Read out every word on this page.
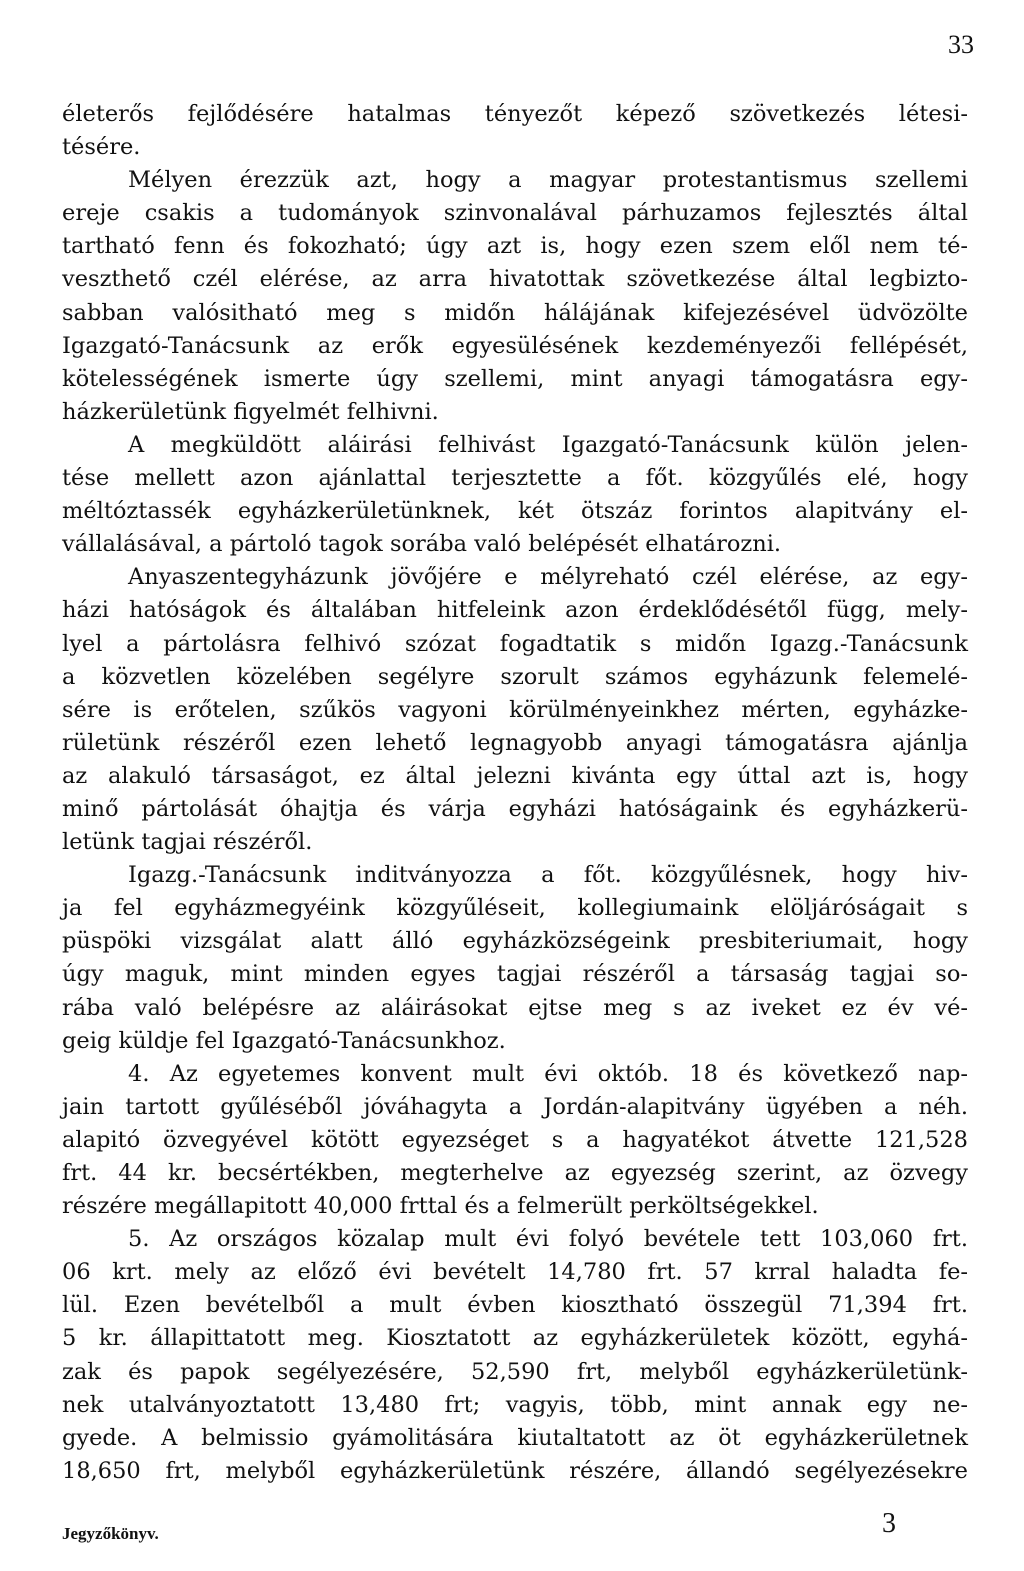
33
életerős fejlődésére hatalmas tényezőt képező szövetkezés létesi-
tésére.
Mélyen érezzük azt, hogy a magyar protestantismus szellemi
ereje csakis a tudományok szinvonalával párhuzamos fejlesztés által
tartható fenn és fokozható; úgy azt is, hogy ezen szem elől nem té-
veszthető czél elérése, az arra hivatottak szövetkezése által legbizto-
sabban valósitható meg s midőn hálájának kifejezésével üdvözölte
Igazgató-Tanácsunk az erők egyesülésének kezdeményezői fellépését,
kötelességének ismerte úgy szellemi, mint anyagi támogatásra egy-
házkerületünk figyelmét felhivni.
A megküldött aláirási felhivást Igazgató-Tanácsunk külön jelen-
tése mellett azon ajánlattal terjesztette a főt. közgyűlés elé, hogy
méltóztassék egyházkerületünknek, két ötszáz forintos alapitvány el-
vállalásával, a pártoló tagok sorába való belépését elhatározni.
Anyaszentegyházunk jövőjére e mélyreható czél elérése, az egy-
házi hatóságok és általában hitfeleink azon érdeklődésétől függ, mely-
lyel a pártolásra felhivó szózat fogadtatik s midőn Igazg.-Tanácsunk
a közvetlen közelében segélyre szorult számos egyházunk felemelé-
sére is erőtelen, szűkös vagyoni körülményeinkhez mérten, egyházke-
rületünk részéről ezen lehető legnagyobb anyagi támogatásra ajánlja
az alakuló társaságot, ez által jelezni kivánta egy úttal azt is, hogy
minő pártolását óhajtja és várja egyházi hatóságaink és egyházkerü-
letünk tagjai részéről.
Igazg.-Tanácsunk inditványozza a főt. közgyűlésnek, hogy hiv-
ja fel egyházmegyéink közgyűléseit, kollegiumaink elöljáróságait s
püspöki vizsgálat alatt álló egyházközségeink presbiteriumait, hogy
úgy maguk, mint minden egyes tagjai részéről a társaság tagjai so-
rába való belépésre az aláirásokat ejtse meg s az iveket ez év vé-
geig küldje fel Igazgató-Tanácsunkhoz.
4. Az egyetemes konvent mult évi októb. 18 és következő nap-
jain tartott gyűléséből jóváhagyta a Jordán-alapitvány ügyében a néh.
alapitó özvegyével kötött egyezséget s a hagyatékot átvette 121,528
frt. 44 kr. becsértékben, megterhelve az egyezség szerint, az özvegy
részére megállapitott 40,000 frttal és a felmerült perköltségekkel.
5. Az országos közalap mult évi folyó bevétele tett 103,060 frt.
06 krt. mely az előző évi bevételt 14,780 frt. 57 krral haladta fe-
lül. Ezen bevételből a mult évben kiosztható összegül 71,394 frt.
5 kr. állapittatott meg. Kiosztatott az egyházkerületek között, egyhá-
zak és papok segélyezésére, 52,590 frt, melyből egyházkerületünk-
nek utalványoztatott 13,480 frt; vagyis, több, mint annak egy ne-
gyede. A belmissio gyámolitására kiutaltatott az öt egyházkerületnek
18,650 frt, melyből egyházkerületünk részére, állandó segélyezésekre
Jegyzőkönyv.	3
